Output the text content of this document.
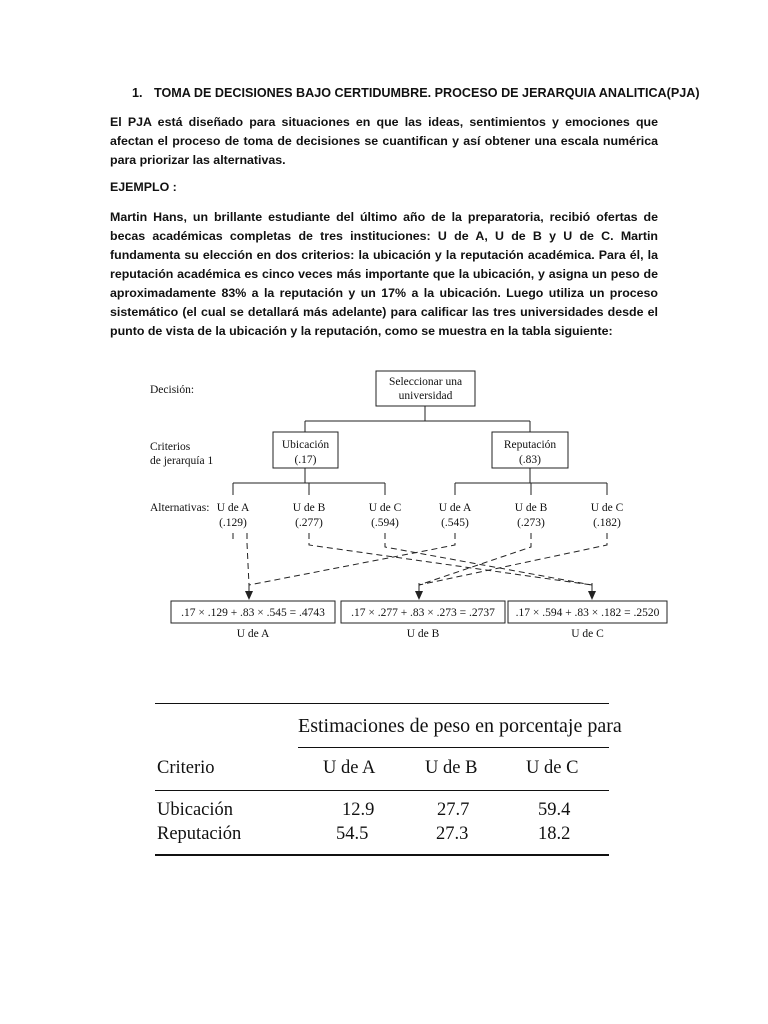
1. TOMA DE DECISIONES BAJO CERTIDUMBRE. PROCESO DE JERARQUIA ANALITICA(PJA)
El PJA está diseñado para situaciones en que las ideas, sentimientos y emociones que afectan el proceso de toma de decisiones se cuantifican y así obtener una escala numérica para priorizar las alternativas.
EJEMPLO :
Martin Hans, un brillante estudiante del último año de la preparatoria, recibió ofertas de becas académicas completas de tres instituciones: U de A, U de B y U de C. Martin fundamenta su elección en dos criterios: la ubicación y la reputación académica. Para él, la reputación académica es cinco veces más importante que la ubicación, y asigna un peso de aproximadamente 83% a la reputación y un 17% a la ubicación. Luego utiliza un proceso sistemático (el cual se detallará más adelante) para calificar las tres universidades desde el punto de vista de la ubicación y la reputación, como se muestra en la tabla siguiente:
Decisión:
Criterios
de jerarquía 1
Alternativas:
Seleccionar una
universidad
Ubicación
(.17)
Reputación
(.83)
U de A
(.129)
U de B
(.277)
U de C
(.594)
U de A
(.545)
U de B
(.273)
U de C
(.182)
.17 × .129 + .83 × .545 = .4743
U de A
.17 × .277 + .83 × .273 = .2737
U de B
.17 × .594 + .83 × .182 = .2520
U de C
Estimaciones de peso en porcentaje para
Criterio	U de A	U de B	U de C
Ubicación	12.9	27.7	59.4
Reputación	54.5	27.3	18.2
